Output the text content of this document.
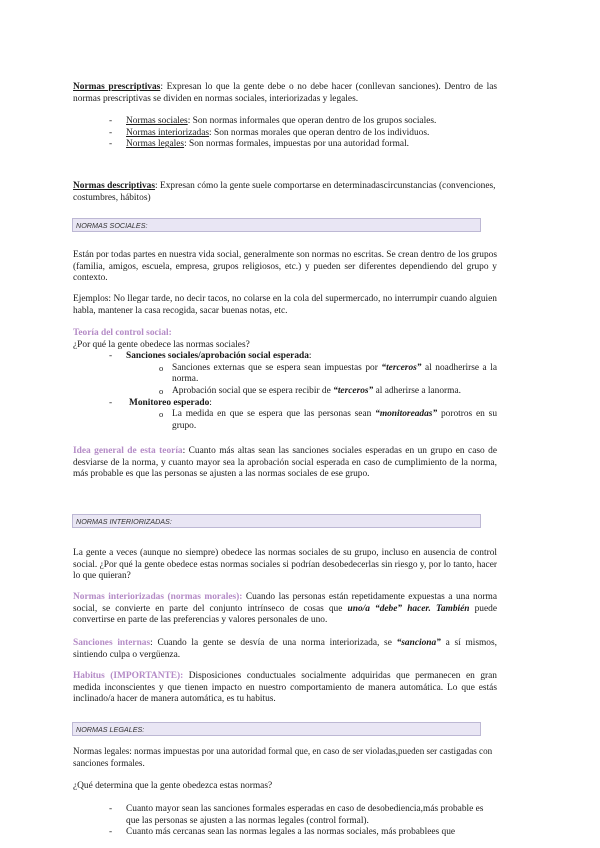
Normas prescriptivas: Expresan lo que la gente debe o no debe hacer (conllevan sanciones). Dentro de las normas prescriptivas se dividen en normas sociales, interiorizadas y legales.
- Normas sociales: Son normas informales que operan dentro de los grupos sociales.
- Normas interiorizadas: Son normas morales que operan dentro de los individuos.
- Normas legales: Son normas formales, impuestas por una autoridad formal.
Normas descriptivas: Expresan cómo la gente suele comportarse en determinadascircunstancias (convenciones, costumbres, hábitos)
NORMAS SOCIALES:
Están por todas partes en nuestra vida social, generalmente son normas no escritas. Se crean dentro de los grupos (familia, amigos, escuela, empresa, grupos religiosos, etc.) y pueden ser diferentes dependiendo del grupo y contexto.
Ejemplos: No llegar tarde, no decir tacos, no colarse en la cola del supermercado, no interrumpir cuando alguien habla, mantener la casa recogida, sacar buenas notas, etc.

Teoría del control social:

¿Por qué la gente obedece las normas sociales?

- Sanciones sociales/aprobación social esperada:

o Sanciones externas que se espera sean impuestas por “terceros” al noadherirse a la norma.

o Aprobación social que se espera recibir de “terceros” al adherirse a lanorma.

- Monitoreo esperado:

o La medida en que se espera que las personas sean “monitoreadas” porotros en su grupo.

Idea general de esta teoría: Cuanto más altas sean las sanciones sociales esperadas en un grupo en caso de desviarse de la norma, y cuanto mayor sea la aprobación social esperada en caso de cumplimiento de la norma, más probable es que las personas se ajusten a las normas sociales de ese grupo.
NORMAS INTERIORIZADAS:
La gente a veces (aunque no siempre) obedece las normas sociales de su grupo, incluso en ausencia de control social. ¿Por qué la gente obedece estas normas sociales si podrían desobedecerlas sin riesgo y, por lo tanto, hacer lo que quieran?
Normas interiorizadas (normas morales): Cuando las personas están repetidamente expuestas a una norma social, se convierte en parte del conjunto intrínseco de cosas que uno/a “debe” hacer. También puede convertirse en parte de las preferencias y valores personales de uno.
Sanciones internas: Cuando la gente se desvía de una norma interiorizada, se “sanciona” a sí mismos, sintiendo culpa o vergüenza.
Habitus (IMPORTANTE): Disposiciones conductuales socialmente adquiridas que permanecen en gran medida inconscientes y que tienen impacto en nuestro comportamiento de manera automática. Lo que estás inclinado/a hacer de manera automática, es tu habitus.
NORMAS LEGALES:
Normas legales: normas impuestas por una autoridad formal que, en caso de ser violadas,pueden ser castigadas con sanciones formales.
¿Qué determina que la gente obedezca estas normas?
- Cuanto mayor sean las sanciones formales esperadas en caso de desobediencia,más probable es que las personas se ajusten a las normas legales (control formal).
- Cuanto más cercanas sean las normas legales a las normas sociales, más probablees que
